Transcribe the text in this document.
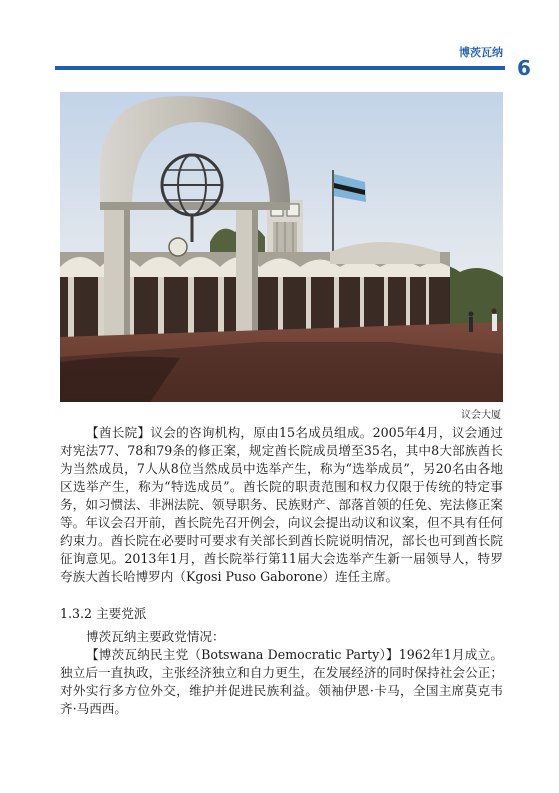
博茨瓦纳
6
议会大厦

【酋长院】议会的咨询机构，原由15名成员组成。2005年4月，议会通过对宪法77、78和79条的修正案，规定酋长院成员增至35名，其中8大部族酋长为当然成员，7人从8位当然成员中选举产生，称为“选举成员”，另20名由各地区选举产生，称为“特选成员”。酋长院的职责范围和权力仅限于传统的特定事务，如习惯法、非洲法院、领导职务、民族财产、部落首领的任免、宪法修正案等。年议会召开前，酋长院先召开例会，向议会提出动议和议案，但不具有任何约束力。酋长院在必要时可要求有关部长到酋长院说明情况，部长也可到酋长院征询意见。2013年1月，酋长院举行第11届大会选举产生新一届领导人，特罗夸族大酋长哈博罗内（Kgosi Puso Gaborone）连任主席。

1.3.2 主要党派

博茨瓦纳主要政党情况：

【博茨瓦纳民主党（Botswana Democratic Party）】1962年1月成立。独立后一直执政，主张经济独立和自力更生，在发展经济的同时保持社会公正；对外实行多方位外交，维护并促进民族利益。领袖伊恩·卡马，全国主席莫克韦齐·马西西。
